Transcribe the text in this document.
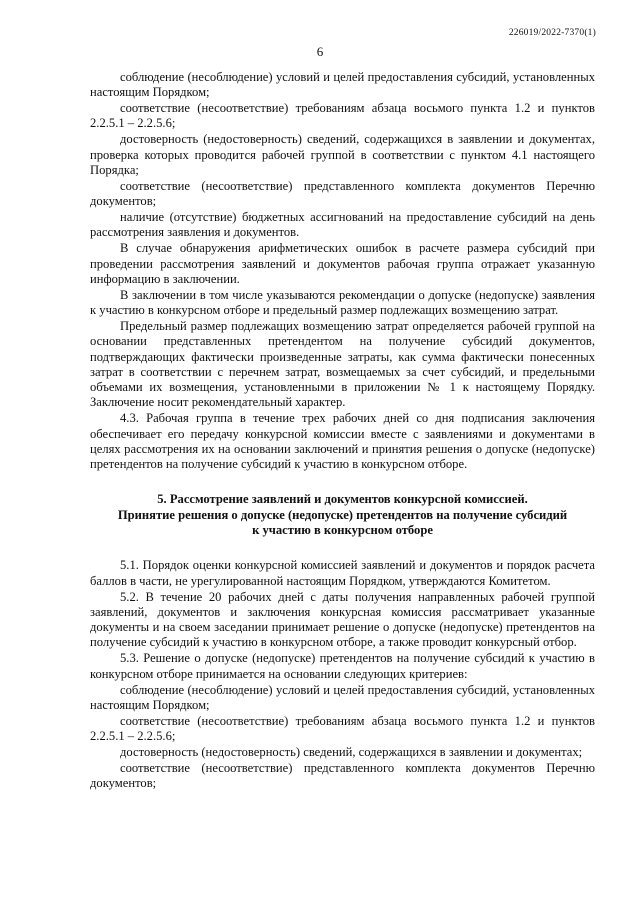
226019/2022-7370(1)
6

соблюдение (несоблюдение) условий и целей предоставления субсидий, установленных настоящим Порядком;

соответствие (несоответствие) требованиям абзаца восьмого пункта 1.2 и пунктов 2.2.5.1 – 2.2.5.6;

достоверность (недостоверность) сведений, содержащихся в заявлении и документах, проверка которых проводится рабочей группой в соответствии с пунктом 4.1 настоящего Порядка;

соответствие (несоответствие) представленного комплекта документов Перечню документов;

наличие (отсутствие) бюджетных ассигнований на предоставление субсидий на день рассмотрения заявления и документов.

В случае обнаружения арифметических ошибок в расчете размера субсидий при проведении рассмотрения заявлений и документов рабочая группа отражает указанную информацию в заключении.

В заключении в том числе указываются рекомендации о допуске (недопуске) заявления к участию в конкурсном отборе и предельный размер подлежащих возмещению затрат.

Предельный размер подлежащих возмещению затрат определяется рабочей группой на основании представленных претендентом на получение субсидий документов, подтверждающих фактически произведенные затраты, как сумма фактически понесенных затрат в соответствии с перечнем затрат, возмещаемых за счет субсидий, и предельными объемами их возмещения, установленными в приложении № 1 к настоящему Порядку. Заключение носит рекомендательный характер.

4.3. Рабочая группа в течение трех рабочих дней со дня подписания заключения обеспечивает его передачу конкурсной комиссии вместе с заявлениями и документами в целях рассмотрения их на основании заключений и принятия решения о допуске (недопуске) претендентов на получение субсидий к участию в конкурсном отборе.

5. Рассмотрение заявлений и документов конкурсной комиссией.
Принятие решения о допуске (недопуске) претендентов на получение субсидий
к участию в конкурсном отборе

5.1. Порядок оценки конкурсной комиссией заявлений и документов и порядок расчета баллов в части, не урегулированной настоящим Порядком, утверждаются Комитетом.

5.2. В течение 20 рабочих дней с даты получения направленных рабочей группой заявлений, документов и заключения конкурсная комиссия рассматривает указанные документы и на своем заседании принимает решение о допуске (недопуске) претендентов на получение субсидий к участию в конкурсном отборе, а также проводит конкурсный отбор.

5.3. Решение о допуске (недопуске) претендентов на получение субсидий к участию в конкурсном отборе принимается на основании следующих критериев:

соблюдение (несоблюдение) условий и целей предоставления субсидий, установленных настоящим Порядком;

соответствие (несоответствие) требованиям абзаца восьмого пункта 1.2 и пунктов 2.2.5.1 – 2.2.5.6;

достоверность (недостоверность) сведений, содержащихся в заявлении и документах;

соответствие (несоответствие) представленного комплекта документов Перечню документов;
